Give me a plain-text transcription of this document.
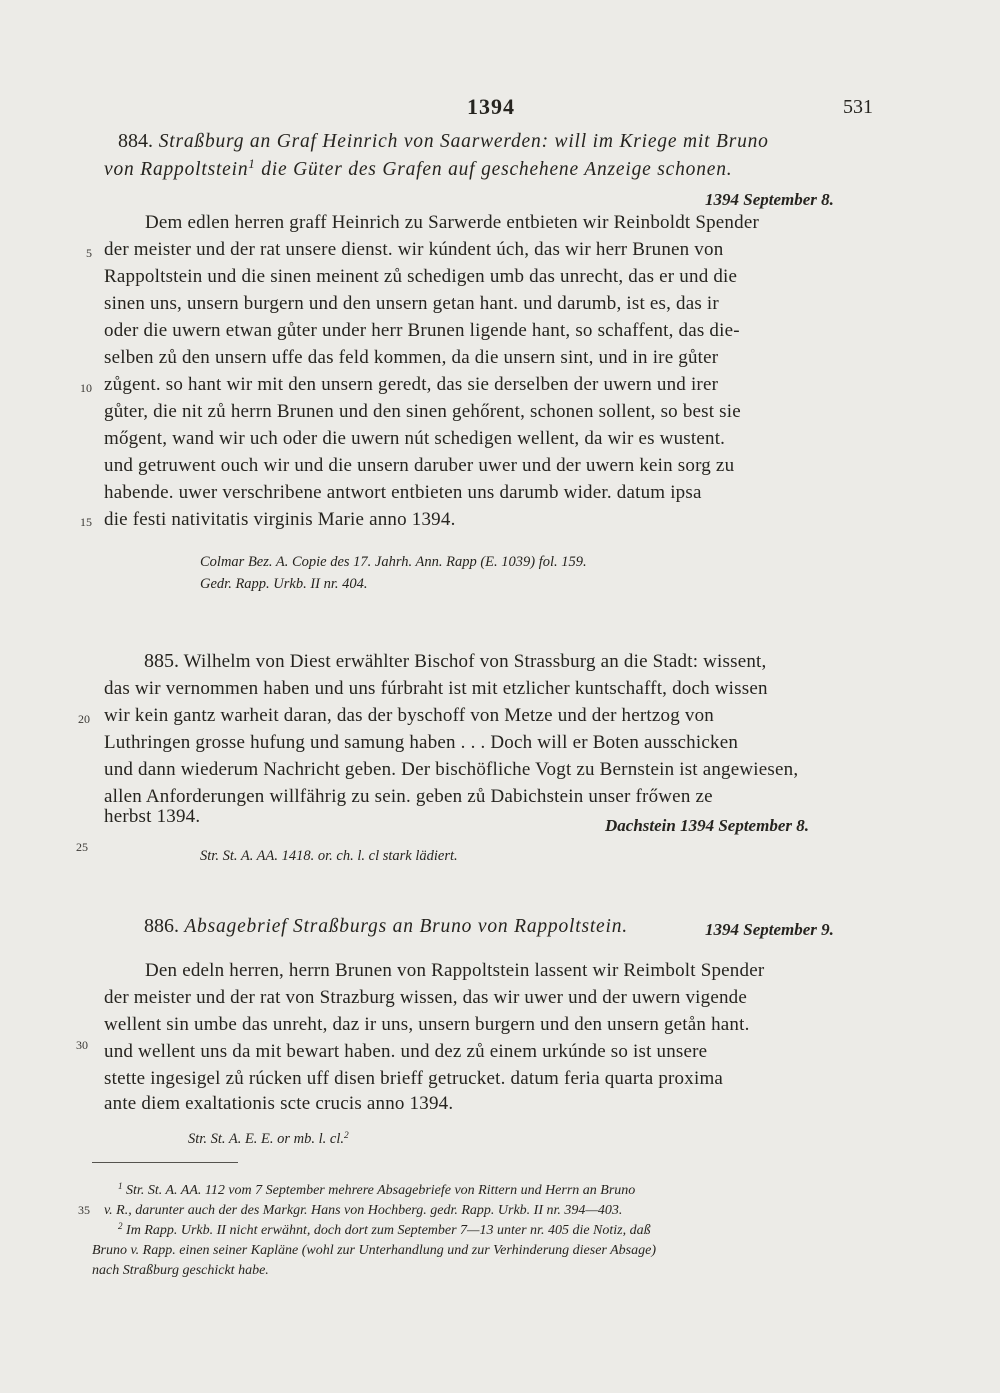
1394	531
884. Straßburg an Graf Heinrich von Saarwerden: will im Kriege mit Bruno
von Rappoltstein$^1$ die Güter des Grafen auf geschehene Anzeige schonen.
1394 September 8.
Dem edlen herren graff Heinrich zu Sarwerde entbieten wir Reinboldt Spender
der meister und der rat unsere dienst. wir kúndent úch, das wir herr Brunen von
Rappoltstein und die sinen meinent zů schedigen umb das unrecht, das er und die
sinen uns, unsern burgern und den unsern getan hant. und darumb, ist es, das ir
oder die uwern etwan gůter under herr Brunen ligende hant, so schaffent, das die-
selben zů den unsern uffe das feld kommen, da die unsern sint, und in ire gůter
zůgent. so hant wir mit den unsern geredt, das sie derselben der uwern und irer
gůter, die nit zů herrn Brunen und den sinen gehőrent, schonen sollent, so best sie
mőgent, wand wir uch oder die uwern nút schedigen wellent, da wir es wustent.
und getruwent ouch wir und die unsern daruber uwer und der uwern kein sorg zu
habende. uwer verschribene antwort entbieten uns darumb wider. datum ipsa
die festi nativitatis virginis Marie anno 1394.
Colmar Bez. A. Copie des 17. Jahrh. Ann. Rapp (E. 1039) fol. 159.
Gedr. Rapp. Urkb. II nr. 404.
885. Wilhelm von Diest erwählter Bischof von Strassburg an die Stadt: wissent,
das wir vernommen haben und uns fúrbraht ist mit etzlicher kuntschafft, doch wissen
wir kein gantz warheit daran, das der byschoff von Metze und der hertzog von
Luthringen grosse hufung und samung haben . . . Doch will er Boten ausschicken
und dann wiederum Nachricht geben. Der bischöfliche Vogt zu Bernstein ist angewiesen,
allen Anforderungen willfährig zu sein. geben zů Dabichstein unser frőwen ze
herbst 1394.	Dachstein 1394 September 8.
Str. St. A. AA. 1418. or. ch. l. cl stark lädiert.
886. Absagebrief Straßburgs an Bruno von Rappoltstein.	1394 September 9.
Den edeln herren, herrn Brunen von Rappoltstein lassent wir Reimbolt Spender
der meister und der rat von Strazburg wissen, das wir uwer und der uwern vigende
wellent sin umbe das unreht, daz ir uns, unsern burgern und den unsern getån hant.
und wellent uns da mit bewart haben. und dez zů einem urkúnde so ist unsere
stette ingesigel zů rúcken uff disen brieff getrucket. datum feria quarta proxima
ante diem exaltationis scte crucis anno 1394.
Str. St. A. E. E. or mb. l. cl.$^2$
$^1$ Str. St. A. AA. 112 vom 7 September mehrere Absagebriefe von Rittern und Herrn an Bruno
v. R., darunter auch der des Markgr. Hans von Hochberg. gedr. Rapp. Urkb. II nr. 394—403.
$^2$ Im Rapp. Urkb. II nicht erwähnt, doch dort zum September 7—13 unter nr. 405 die Notiz, daß
Bruno v. Rapp. einen seiner Kapläne (wohl zur Unterhandlung und zur Verhinderung dieser Absage)
nach Straßburg geschickt habe.
5
10
15
20
25
30
35
